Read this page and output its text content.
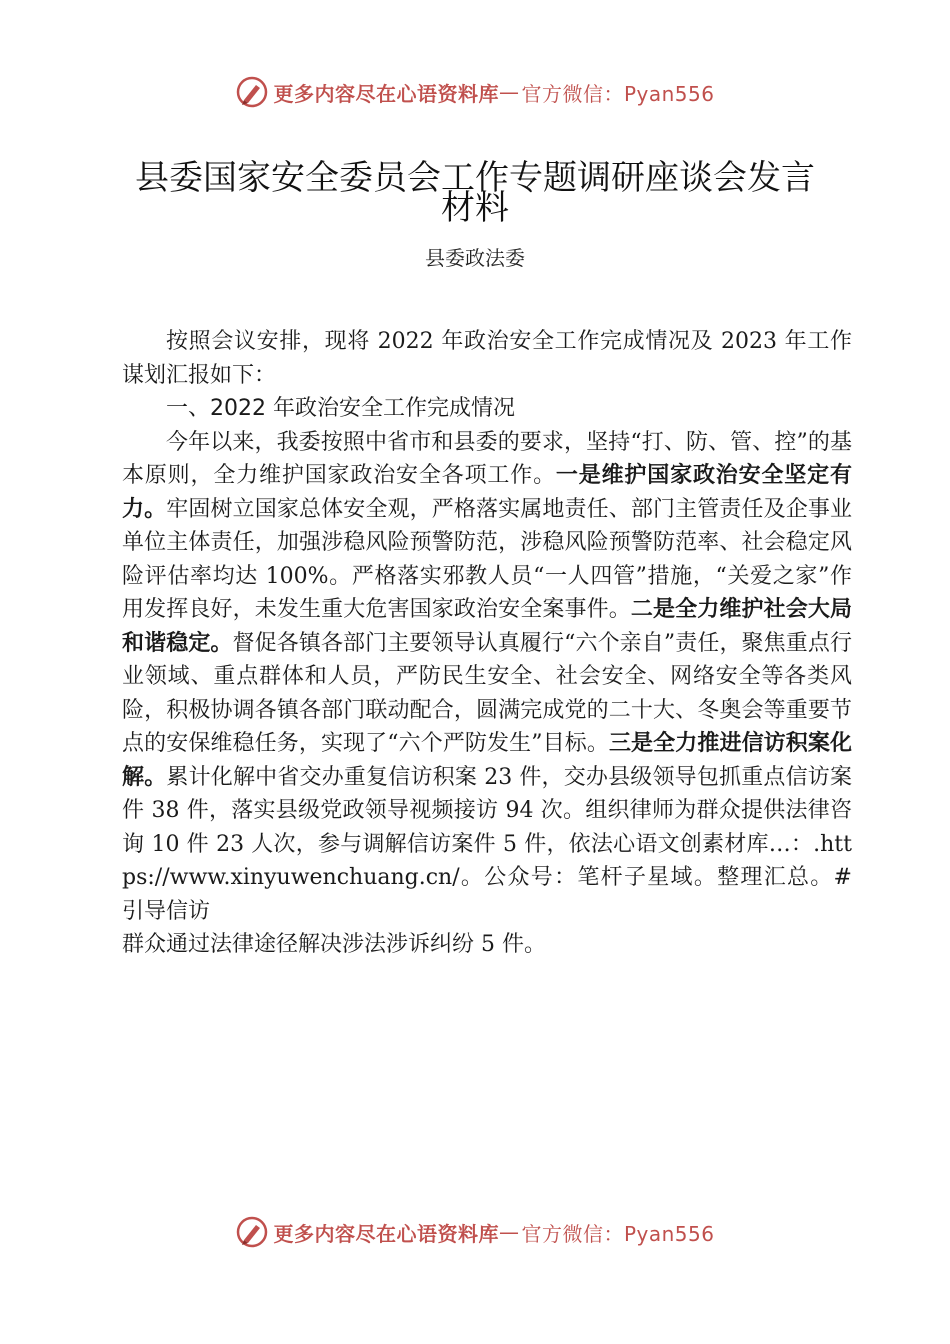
更多内容尽在心语资料库 — 官方微信：Pyan556
县委国家安全委员会工作专题调研座谈会发言材料
县委政法委

按照会议安排，现将 2022 年政治安全工作完成情况及 2023 年工作谋划汇报如下：

一、2022 年政治安全工作完成情况

今年以来，我委按照中省市和县委的要求，坚持“打、防、管、控”的基本原则，全力维护国家政治安全各项工作。一是维护国家政治安全坚定有力。牢固树立国家总体安全观，严格落实属地责任、部门主管责任及企事业单位主体责任，加强涉稳风险预警防范，涉稳风险预警防范率、社会稳定风险评估率均达 100%。严格落实邪教人员“一人四管”措施，“关爱之家”作用发挥良好，未发生重大危害国家政治安全案事件。二是全力维护社会大局和谐稳定。督促各镇各部门主要领导认真履行“六个亲自”责任，聚焦重点行业领域、重点群体和人员，严防民生安全、社会安全、网络安全等各类风险，积极协调各镇各部门联动配合，圆满完成党的二十大、冬奥会等重要节点的安保维稳任务，实现了“六个严防发生”目标。三是全力推进信访积案化解。累计化解中省交办重复信访积案 23 件，交办县级领导包抓重点信访案件 38 件，落实县级党政领导视频接访 94 次。组织律师为群众提供法律咨询 10 件 23 人次，参与调解信访案件 5 件，依法心语文创素材库…：.https://www.xinyuwenchuang.cn/。公众号：笔杆子星域。整理汇总。#引导信访

群众通过法律途径解决涉法涉诉纠纷 5 件。

更多内容尽在心语资料库 — 官方微信：Pyan556
